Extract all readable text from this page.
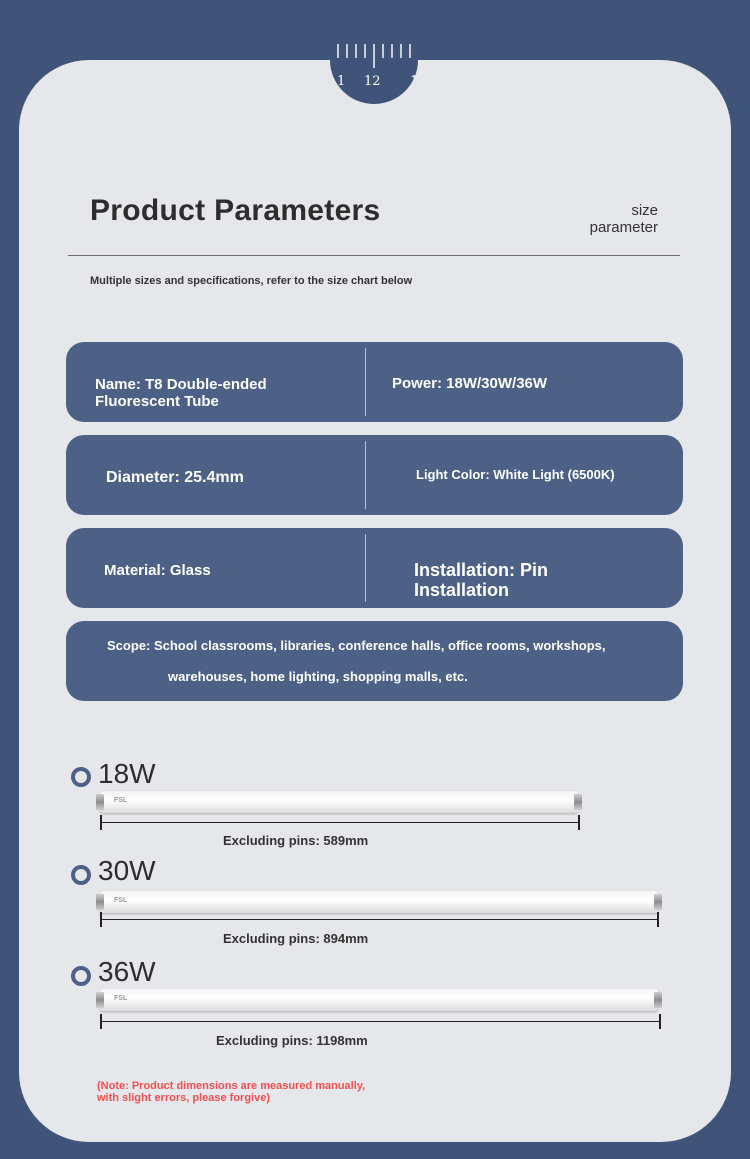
1 12 1
Product Parameters	size
parameter
Multiple sizes and specifications, refer to the size chart below
Name: T8 Double-ended
Fluorescent Tube
Power: 18W/30W/36W
Diameter: 25.4mm	Light Color: White Light (6500K)
Material: Glass	Installation: Pin
Installation
Scope: School classrooms, libraries, conference halls, office rooms, workshops,
warehouses, home lighting, shopping malls, etc.
18W
FSL
Excluding pins: 589mm
30W
FSL
Excluding pins: 894mm
36W
FSL
Excluding pins: 1198mm
(Note: Product dimensions are measured manually,
with slight errors, please forgive)
